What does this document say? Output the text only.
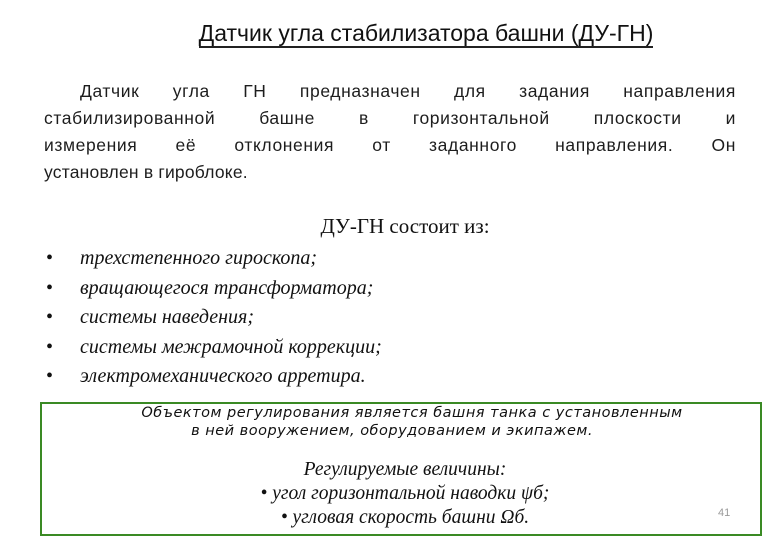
Датчик угла стабилизатора башни (ДУ-ГН)
Датчик угла ГН предназначен для задания направления
стабилизированной башне в горизонтальной плоскости и
измерения её отклонения от заданного направления. Он
установлен в гироблоке.
ДУ-ГН состоит из:
•	трехстепенного гироскопа;
•	вращающегося трансформатора;
•	системы наведения;
•	системы межрамочной коррекции;
•	электромеханического арретира.
Объектом регулирования является башня танка с установленным
в ней вооружением, оборудованием и экипажем.
Регулируемые величины:
• угол горизонтальной наводки ψб;
• угловая скорость башни Ωб.	41
